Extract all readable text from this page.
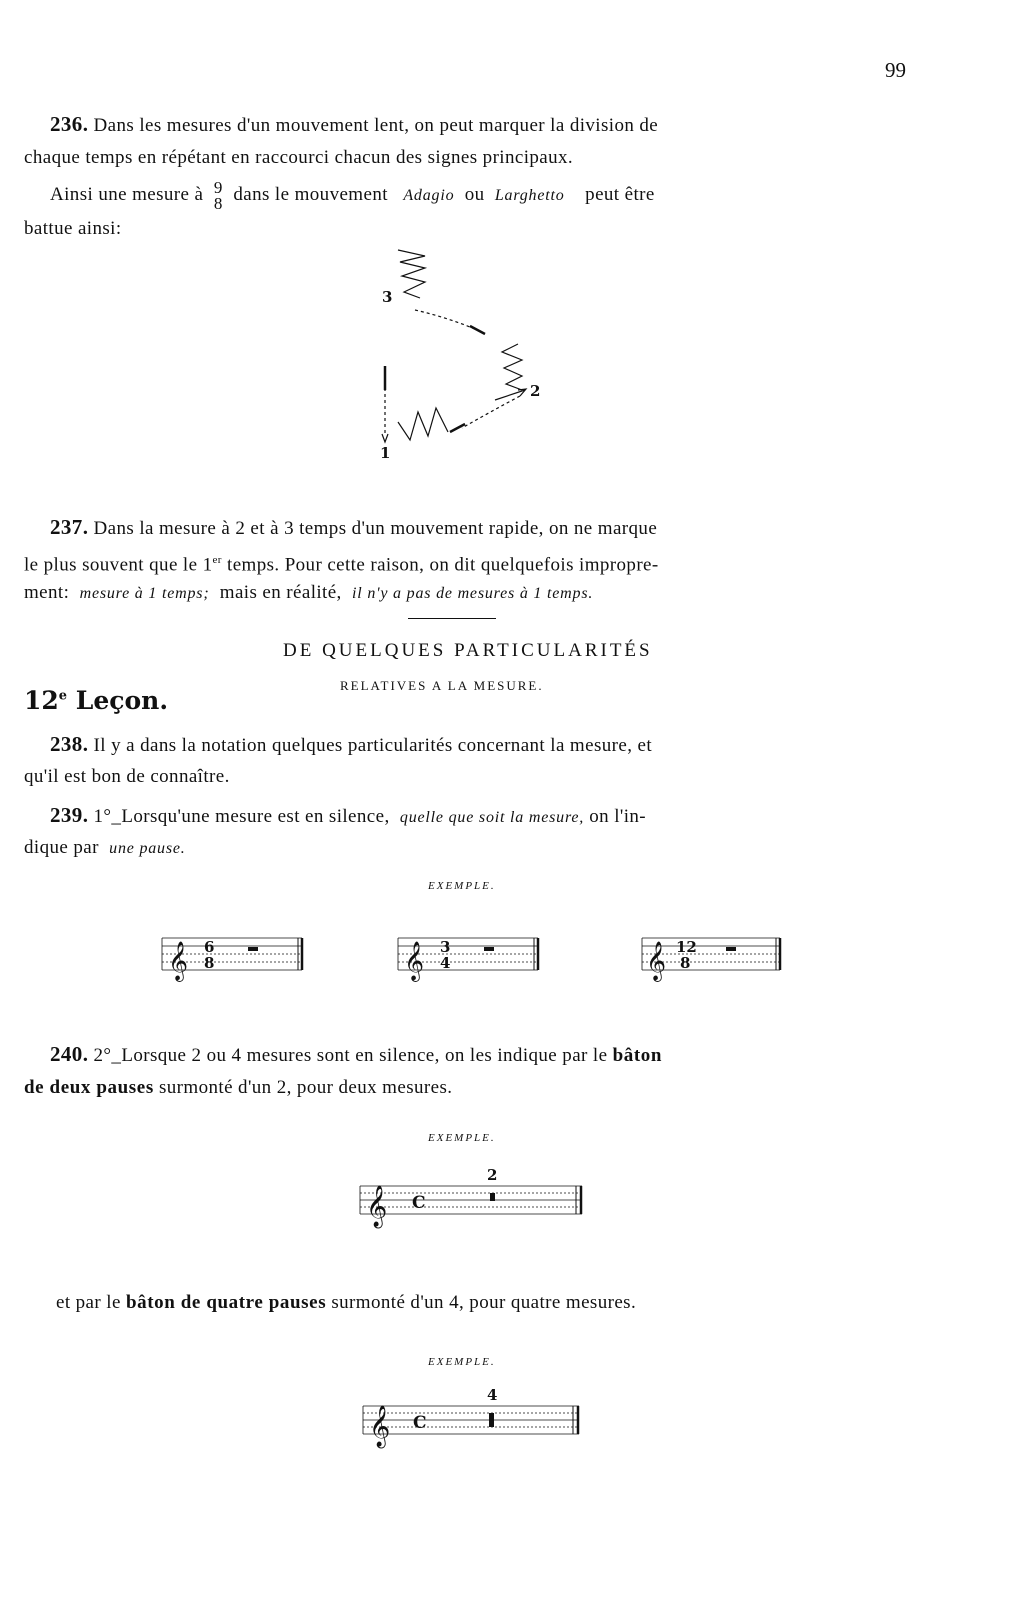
99
236. Dans les mesures d'un mouvement lent, on peut marquer la division de
chaque temps en répétant en raccourci chacun des signes principaux.
Ainsi une mesure à 9
8 dans le mouvement Adagio ou Larghetto peut être
battue ainsi:
3
2
1
237. Dans la mesure à 2 et à 3 temps d'un mouvement rapide, on ne marque
le plus souvent que le 1er temps. Pour cette raison, on dit quelquefois impropre-
ment: mesure à 1 temps; mais en réalité, il n'y a pas de mesures à 1 temps.
DE QUELQUES PARTICULARITÉS
RELATIVES A LA MESURE.
12e Leçon.
238. Il y a dans la notation quelques particularités concernant la mesure, et
qu'il est bon de connaître.
239. 1°_Lorsqu'une mesure est en silence, quelle que soit la mesure, on l'in-
dique par une pause.
EXEMPLE.
𝄞 6
8	𝄞 3
4	𝄞 12
8
240. 2°_Lorsque 2 ou 4 mesures sont en silence, on les indique par le bâton
de deux pauses surmonté d'un 2, pour deux mesures.
EXEMPLE.
𝄞 C
2
et par le bâton de quatre pauses surmonté d'un 4, pour quatre mesures.
EXEMPLE.
𝄞 C
4
